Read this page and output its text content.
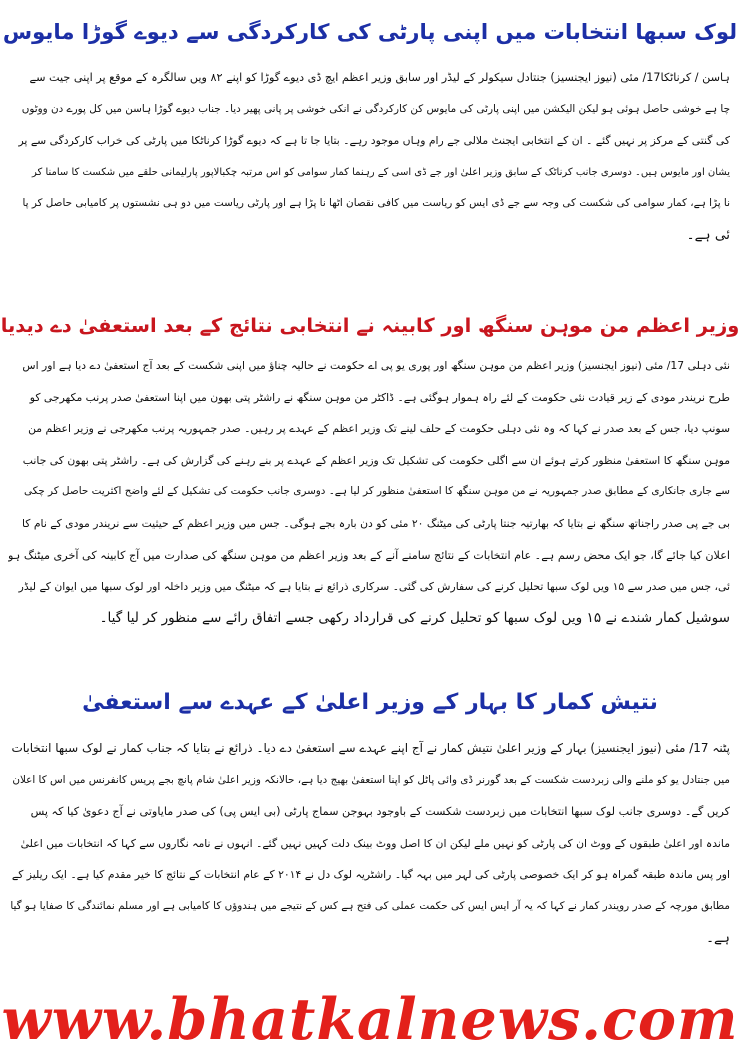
لوک سبھا انتخابات میں اپنی پارٹی کی کارکردگی سے دیوے گوڑا مایوس
ہاسن / کرناٹکا17/ مئی (نیوز ایجنسیز) جنتادل سیکولر کے لیڈر اور سابق وزیر اعظم ایچ ڈی دیوے گوڑا کو اپنے ۸۲ ویں سالگرہ کے موقع پر اپنی جیت سے
چا ہے خوشی حاصل ہوئی ہو لیکن الیکشن میں اپنی پارٹی کی مایوس کن کارکردگی نے انکی خوشی پر پانی پھیر دیا۔ جناب دیوے گوڑا ہاسن میں کل پورے دن ووٹوں
کی گنتی کے مرکز پر نہیں گئے ۔ ان کے انتخابی ایجنٹ ملالی جے رام وہاں موجود رہے۔ بتایا جا تا ہے کہ دیوے گوڑا کرناٹکا میں پارٹی کی خراب کارکردگی سے پر
یشان اور مایوس ہیں۔ دوسری جانب کرناٹک کے سابق وزیر اعلیٰ اور جے ڈی اسی کے رہنما کمار سوامی کو اس مرتبہ چکبالاپور پارلیمانی حلقے میں شکست کا سامنا کر
نا پڑا ہے، کمار سوامی کی شکست کی وجہ سے جے ڈی ایس کو ریاست میں کافی نقصان اٹھا نا پڑا ہے اور پارٹی ریاست میں دو ہی نشستوں پر کامیابی حاصل کر پا
ئی ہے۔
وزیر اعظم من موہن سنگھ اور کابینہ نے انتخابی نتائج کے بعد استعفیٰ دے دیدیا
نئی دہلی 17/ مئی (نیوز ایجنسیز) وزیر اعظم من موہن سنگھ اور پوری یو پی اے حکومت نے حالیہ چناؤ میں اپنی شکست کے بعد آج استعفیٰ دے دیا ہے اور اس
طرح نریندر مودی کے زیر قیادت نئی حکومت کے لئے راہ ہموار ہوگئی ہے۔ ڈاکٹر من موہن سنگھ نے راشٹر پتی بھون میں اپنا استعفیٰ صدر پرنب مکھرجی کو
سونپ دیا، جس کے بعد صدر نے کہا کہ وہ نئی دہلی حکومت کے حلف لینے تک وزیر اعظم کے عہدے پر رہیں۔ صدر جمہوریہ پرنب مکھرجی نے وزیر اعظم من
موہن سنگھ کا استعفیٰ منظور کرتے ہوئے ان سے اگلی حکومت کی تشکیل تک وزیر اعظم کے عہدے پر بنے رہنے کی گزارش کی ہے۔ راشٹر پتی بھون کی جانب
سے جاری جانکاری کے مطابق صدر جمہوریہ نے من موہن سنگھ کا استعفیٰ منظور کر لیا ہے۔ دوسری جانب حکومت کی تشکیل کے لئے واضح اکثریت حاصل کر چکی
بی جے پی صدر راجناتھ سنگھ نے بتایا کہ بھارتیہ جنتا پارٹی کی میٹنگ ۲۰ مئی کو دن بارہ بجے ہوگی۔ جس میں وزیر اعظم کے حیثیت سے نریندر مودی کے نام کا
اعلان کیا جائے گا، جو ایک محض رسم ہے۔ عام انتخابات کے نتائج سامنے آنے کے بعد وزیر اعظم من موہن سنگھ کی صدارت میں آج کابینہ کی آخری میٹنگ ہو
ئی، جس میں صدر سے ۱۵ ویں لوک سبھا تحلیل کرنے کی سفارش کی گئی۔ سرکاری ذرائع نے بتایا ہے کہ میٹنگ میں وزیر داخلہ اور لوک سبھا میں ایوان کے لیڈر
سوشیل کمار شندے نے ۱۵ ویں لوک سبھا کو تحلیل کرنے کی قرارداد رکھی جسے اتفاق رائے سے منظور کر لیا گیا۔
نتیش کمار کا بہار کے وزیر اعلیٰ کے عہدے سے استعفیٰ
پٹنہ 17/ مئی (نیوز ایجنسیز) بہار کے وزیر اعلیٰ نتیش کمار نے آج اپنے عہدے سے استعفیٰ دے دیا۔ ذرائع نے بتایا کہ جناب کمار نے لوک سبھا انتخابات
میں جنتادل یو کو ملنے والی زبردست شکست کے بعد گورنر ڈی وائی پاٹل کو اپنا استعفیٰ بھیج دیا ہے، حالانکہ وزیر اعلیٰ شام پانچ بجے پریس کانفرنس میں اس کا اعلان
کریں گے۔ دوسری جانب لوک سبھا انتخابات میں زبردست شکست کے باوجود بہوجن سماج پارٹی (بی ایس پی) کی صدر مایاوتی نے آج دعویٰ کیا کہ پس
ماندہ اور اعلیٰ طبقوں کے ووٹ ان کی پارٹی کو نہیں ملے لیکن ان کا اصل ووٹ بینک دلت کہیں نہیں گئے۔ انہوں نے نامہ نگاروں سے کہا کہ انتخابات میں اعلیٰ
اور پس ماندہ طبقہ گمراہ ہو کر ایک خصوصی پارٹی کی لہر میں بہہ گیا۔ راشٹریہ لوک دل نے ۲۰۱۴ کے عام انتخابات کے نتائج کا خیر مقدم کیا ہے۔ ایک ریلیز کے
مطابق مورچہ کے صدر رویندر کمار نے کہا کہ یہ آر ایس ایس کی حکمت عملی کی فتح ہے کس کے نتیجے میں ہندوؤں کا کامیابی ہے اور مسلم نمائندگی کا صفایا ہو گیا
ہے۔
www.bhatkalnews.com
